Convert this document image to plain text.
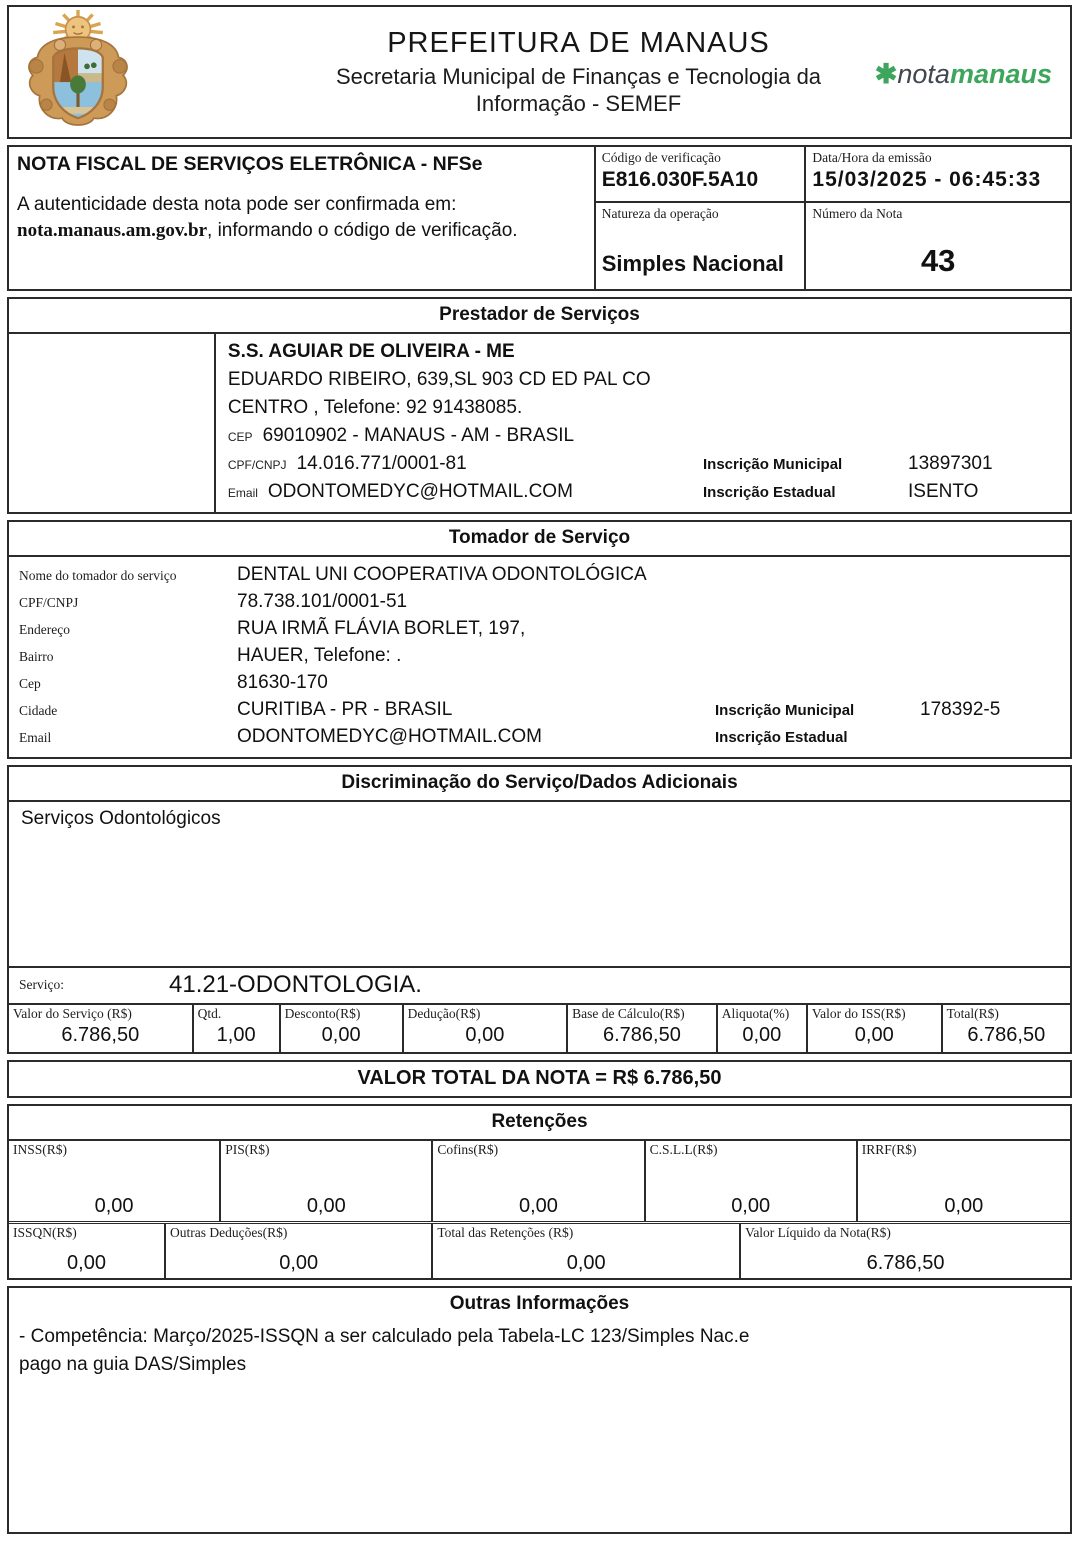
PREFEITURA DE MANAUS
Secretaria Municipal de Finanças e Tecnologia da
Informação - SEMEF
✱notamanaus
NOTA FISCAL DE SERVIÇOS ELETRÔNICA - NFSe
A autenticidade desta nota pode ser confirmada em: nota.manaus.am.gov.br, informando o código de verificação.
Código de verificação
E816.030F.5A10
Data/Hora da emissão
15/03/2025 - 06:45:33
Natureza da operação
Simples Nacional
Número da Nota
43
Prestador de Serviços
S.S. AGUIAR DE OLIVEIRA - ME
EDUARDO RIBEIRO, 639,SL 903 CD ED PAL CO
CENTRO , Telefone: 92 91438085.
CEP 69010902 - MANAUS - AM - BRASIL
CPF/CNPJ 14.016.771/0001-81	Inscrição Municipal	13897301
Email ODONTOMEDYC@HOTMAIL.COM	Inscrição Estadual	ISENTO
Tomador de Serviço
Nome do tomador do serviço	DENTAL UNI COOPERATIVA ODONTOLÓGICA
CPF/CNPJ	78.738.101/0001-51
Endereço	RUA IRMÃ FLÁVIA BORLET, 197,
Bairro	HAUER, Telefone: .
Cep	81630-170
Cidade	CURITIBA - PR - BRASIL	Inscrição Municipal	178392-5
Email	ODONTOMEDYC@HOTMAIL.COM	Inscrição Estadual
Discriminação do Serviço/Dados Adicionais
Serviços Odontológicos
Serviço:	41.21-ODONTOLOGIA.
Valor do Serviço (R$)
6.786,50
Qtd.
1,00
Desconto(R$)
0,00
Dedução(R$)
0,00
Base de Cálculo(R$)
6.786,50
Aliquota(%)
0,00
Valor do ISS(R$)
0,00
Total(R$)
6.786,50
VALOR TOTAL DA NOTA = R$ 6.786,50
Retenções
INSS(R$)
0,00
PIS(R$)
0,00
Cofins(R$)
0,00
C.S.L.L(R$)
0,00
IRRF(R$)
0,00
ISSQN(R$)
0,00
Outras Deduções(R$)
0,00
Total das Retenções (R$)
0,00
Valor Líquido da Nota(R$)
6.786,50
Outras Informações
- Competência: Março/2025-ISSQN a ser calculado pela Tabela-LC 123/Simples Nac.e
pago na guia DAS/Simples
